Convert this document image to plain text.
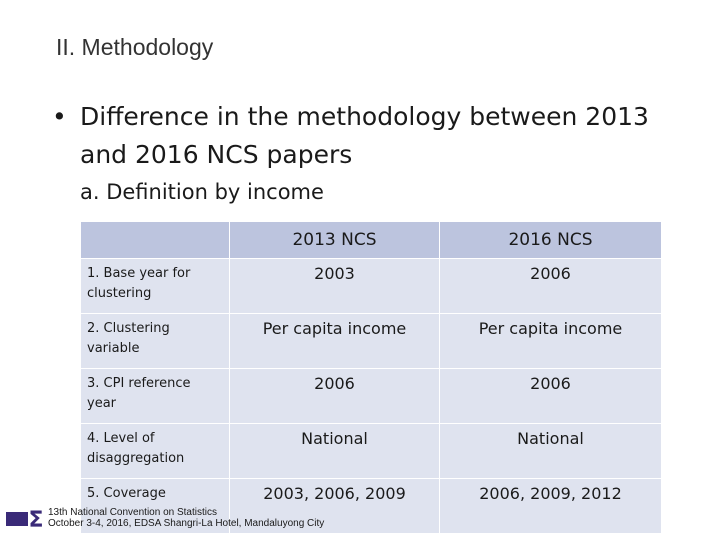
II. Methodology
• Difference in the methodology between 2013 and 2016 NCS papers
a. Definition by income
	2013 NCS	2016 NCS
1. Base year for clustering	2003	2006
2. Clustering variable	Per capita income	Per capita income
3. CPI reference year	2006	2006
4. Level of disaggregation	National	National
5. Coverage	2003, 2006, 2009	2006, 2009, 2012
Σ 13th National Convention on Statistics
October 3-4, 2016, EDSA Shangri-La Hotel, Mandaluyong City
